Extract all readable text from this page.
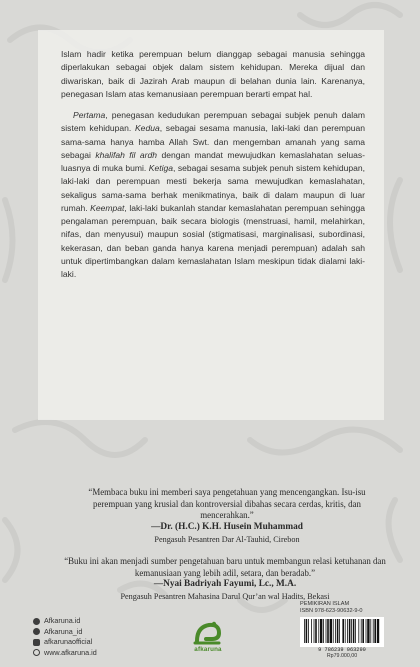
Islam hadir ketika perempuan belum dianggap sebagai manusia sehingga diperlakukan sebagai objek dalam sistem kehidupan. Mereka dijual dan diwariskan, baik di Jazirah Arab maupun di belahan dunia lain. Karenanya, penegasan Islam atas kemanusiaan perempuan berarti empat hal.

Pertama, penegasan kedudukan perempuan sebagai subjek penuh dalam sistem kehidupan. Kedua, sebagai sesama manusia, laki-laki dan perempuan sama-sama hanya hamba Allah Swt. dan mengemban amanah yang sama sebagai khalifah fil ardh dengan mandat mewujudkan kemaslahatan seluas-luasnya di muka bumi. Ketiga, sebagai sesama subjek penuh sistem kehidupan, laki-laki dan perempuan mesti bekerja sama mewujudkan kemaslahatan, sekaligus sama-sama berhak menikmatinya, baik di dalam maupun di luar rumah. Keempat, laki-laki bukanlah standar kemaslahatan perempuan sehingga pengalaman perempuan, baik secara biologis (menstruasi, hamil, melahirkan, nifas, dan menyusui) maupun sosial (stigmatisasi, marginalisasi, subordinasi, kekerasan, dan beban ganda hanya karena menjadi perempuan) adalah sah untuk dipertimbangkan dalam kemaslahatan Islam meskipun tidak dialami laki-laki.

“Membaca buku ini memberi saya pengetahuan yang mencengangkan. Isu-isu perempuan yang krusial dan kontroversial dibahas secara cerdas, kritis, dan mencerahkan.”
—Dr. (H.C.) K.H. Husein Muhammad
Pengasuh Pesantren Dar Al-Tauhid, Cirebon
“Buku ini akan menjadi sumber pengetahuan baru untuk membangun relasi ketuhanan dan kemanusiaan yang lebih adil, setara, dan beradab.”
—Nyai Badriyah Fayumi, Lc., M.A.
Pengasuh Pesantren Mahasina Darul Qur’an wal Hadits, Bekasi
Afkaruna.id
Afkaruna_id
afkarunaofficial
www.afkaruna.id	afkaruna
PEMIKIRAN ISLAM
ISBN 978-623-90632-9-0
9 786239 063290
Rp79.000,00
